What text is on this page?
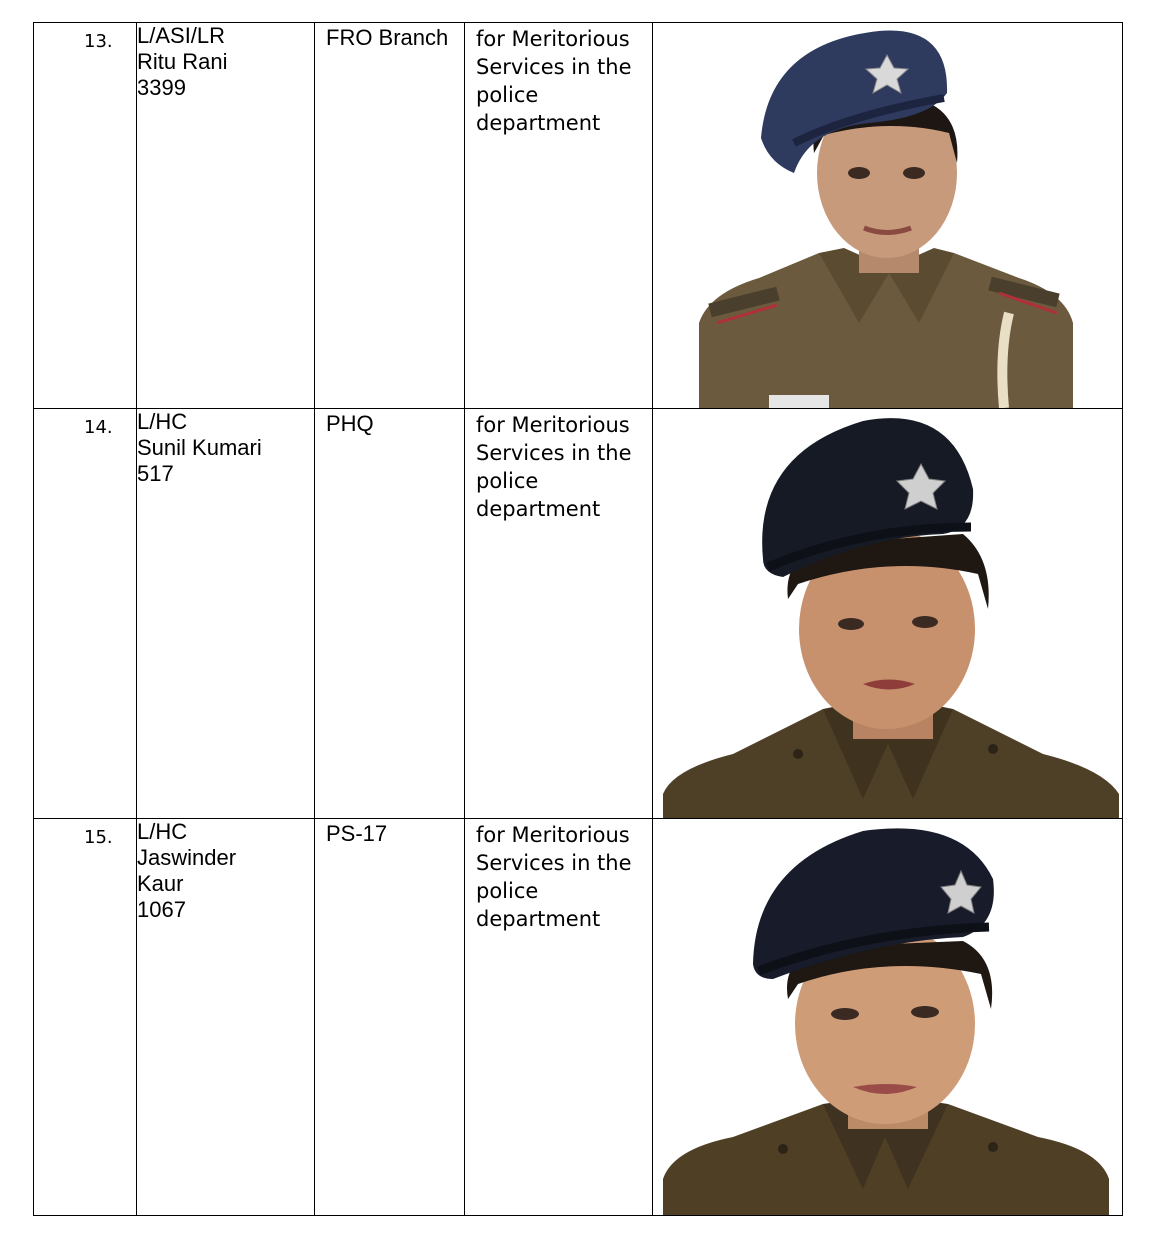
13.	L/ASI/LR
Ritu Rani
3399	FRO Branch	for Meritorious Services in the police department

14.	L/HC
Sunil Kumari
517	PHQ	for Meritorious Services in the police department

15.	L/HC
Jaswinder
Kaur
1067	PS-17	for Meritorious Services in the police department
